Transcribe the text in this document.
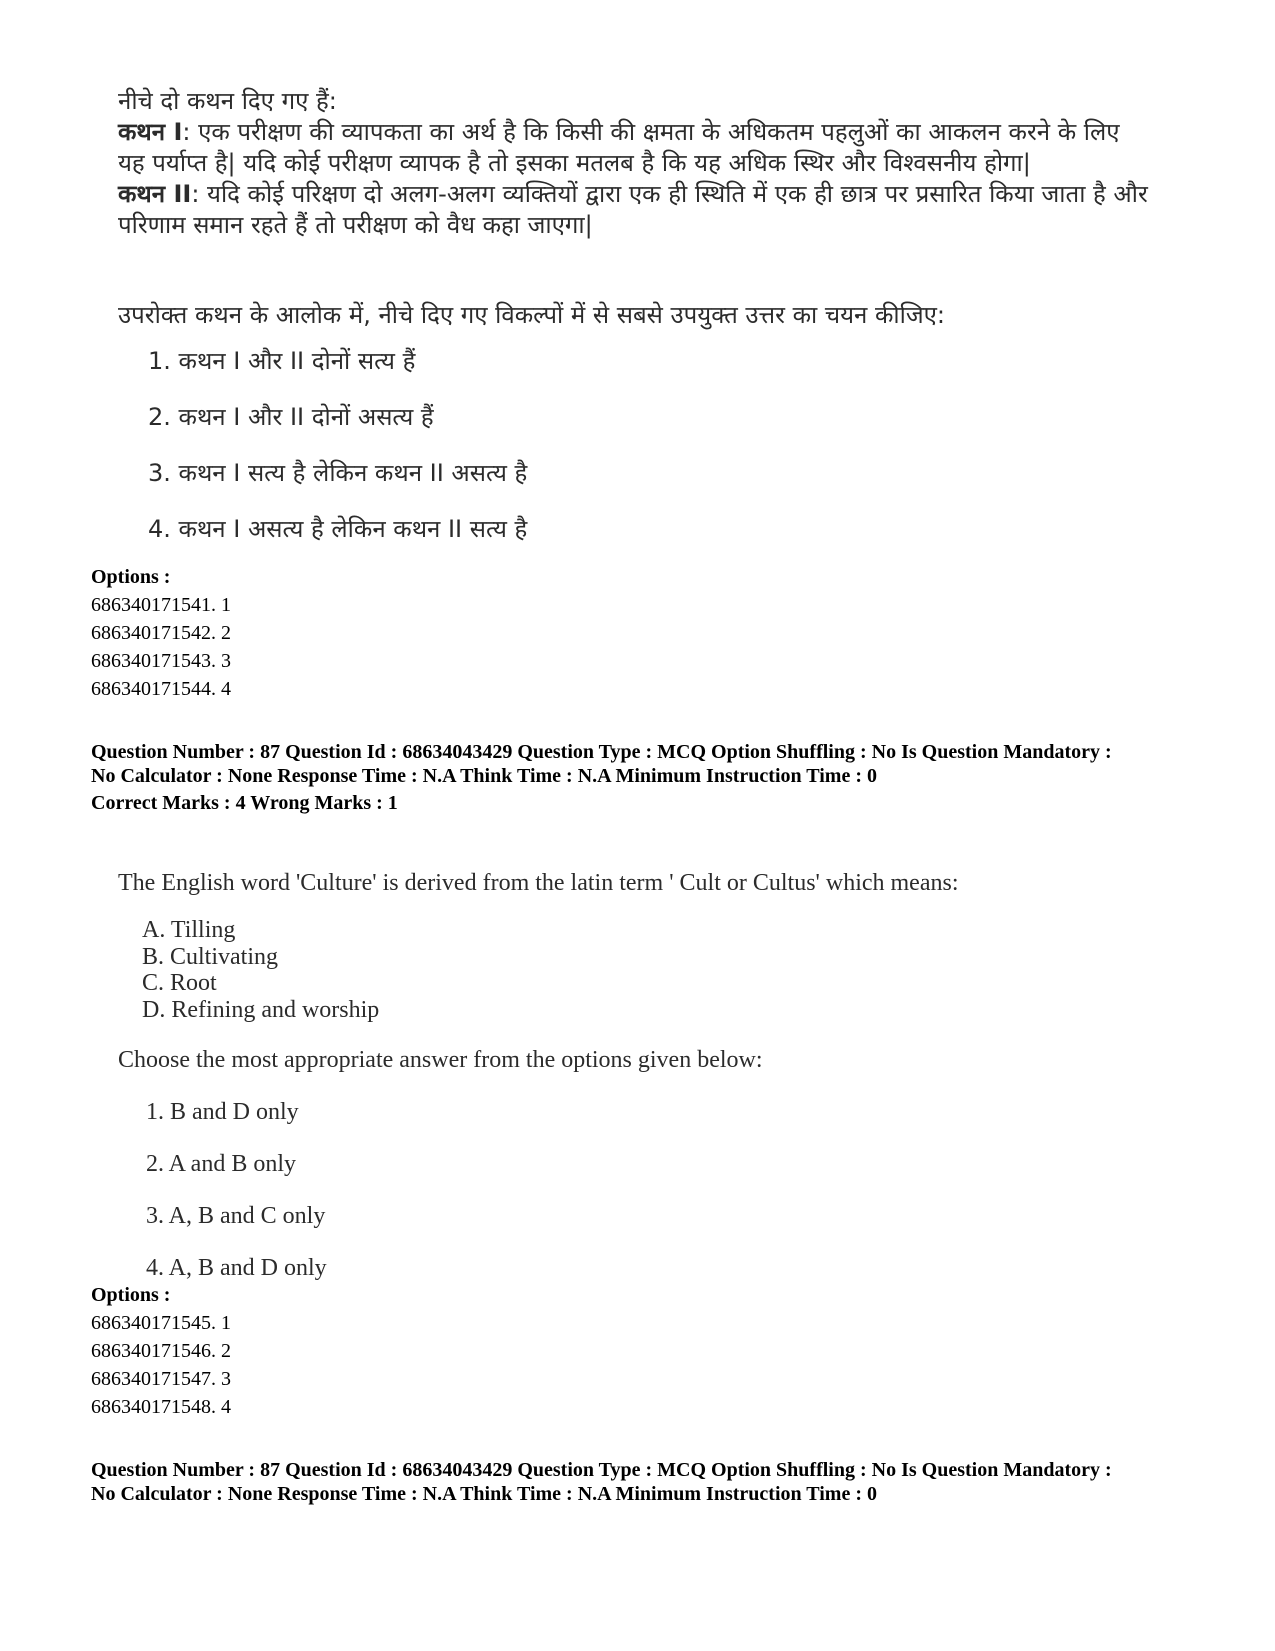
नीचे दो कथन दिए गए हैं:
कथन I: एक परीक्षण की व्यापकता का अर्थ है कि किसी की क्षमता के अधिकतम पहलुओं का आकलन करने के लिए
यह पर्याप्त है| यदि कोई परीक्षण व्यापक है तो इसका मतलब है कि यह अधिक स्थिर और विश्वसनीय होगा|
कथन II: यदि कोई परिक्षण दो अलग-अलग व्यक्तियों द्वारा एक ही स्थिति में एक ही छात्र पर प्रसारित किया जाता है और
परिणाम समान रहते हैं तो परीक्षण को वैध कहा जाएगा|
उपरोक्त कथन के आलोक में, नीचे दिए गए विकल्पों में से सबसे उपयुक्त उत्तर का चयन कीजिए:
1. कथन I और II दोनों सत्य हैं
2. कथन I और II दोनों असत्य हैं
3. कथन I सत्य है लेकिन कथन II असत्य है
4. कथन I असत्य है लेकिन कथन II सत्य है
Options :
686340171541. 1
686340171542. 2
686340171543. 3
686340171544. 4
Question Number : 87 Question Id : 68634043429 Question Type : MCQ Option Shuffling : No Is Question Mandatory :
No Calculator : None Response Time : N.A Think Time : N.A Minimum Instruction Time : 0
Correct Marks : 4 Wrong Marks : 1
The English word 'Culture' is derived from the latin term ' Cult or Cultus' which means:
A. Tilling
B. Cultivating
C. Root
D. Refining and worship
Choose the most appropriate answer from the options given below:
1. B and D only
2. A and B only
3. A, B and C only
4. A, B and D only
Options :
686340171545. 1
686340171546. 2
686340171547. 3
686340171548. 4
Question Number : 87 Question Id : 68634043429 Question Type : MCQ Option Shuffling : No Is Question Mandatory :
No Calculator : None Response Time : N.A Think Time : N.A Minimum Instruction Time : 0
